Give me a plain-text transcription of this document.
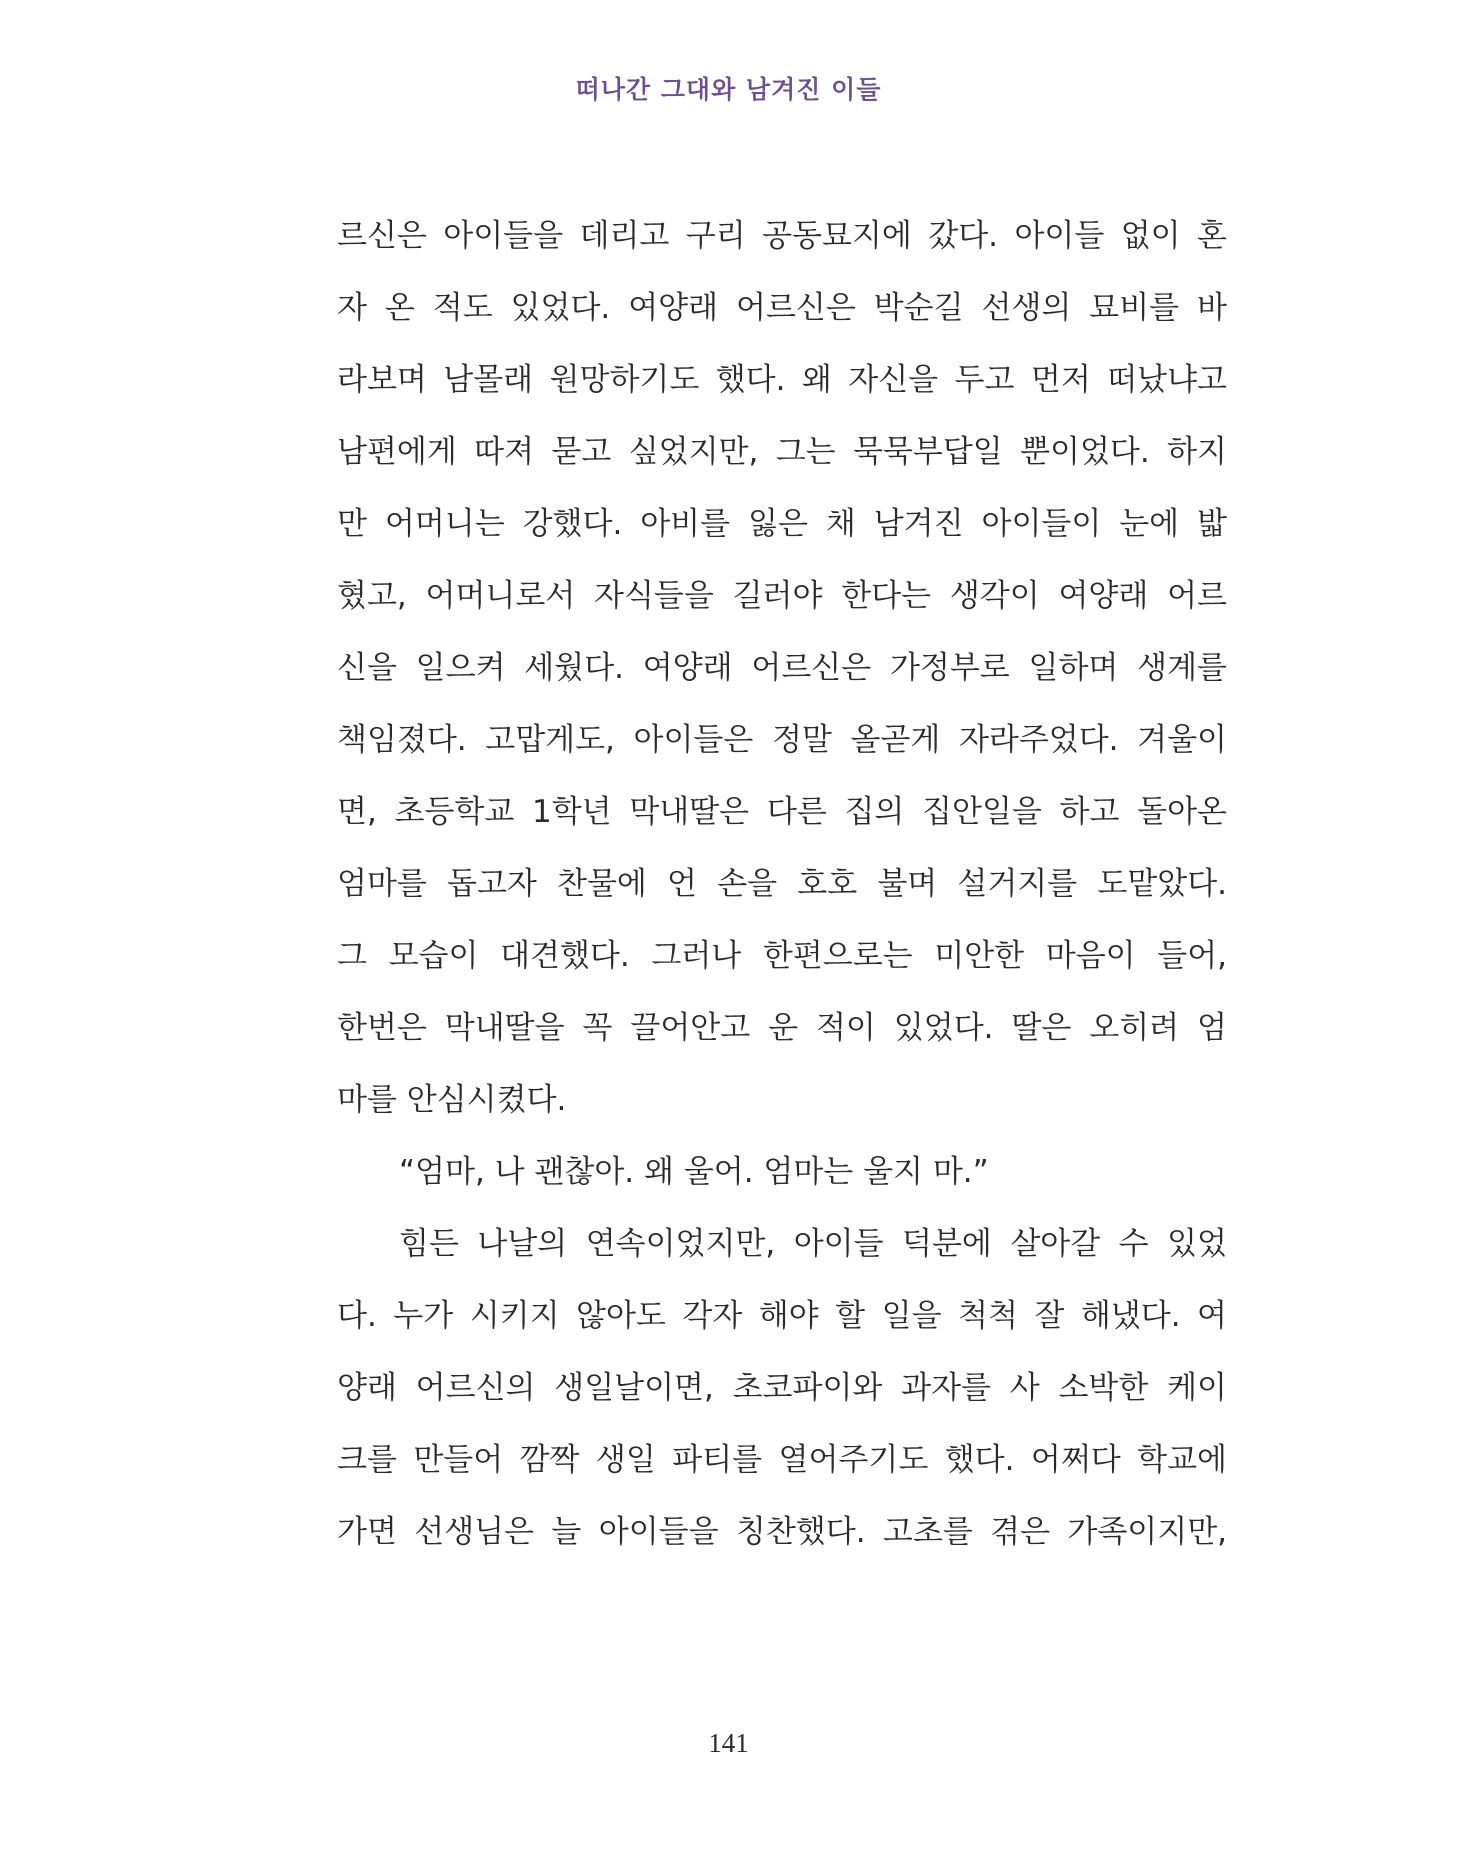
떠나간 그대와 남겨진 이들
르신은 아이들을 데리고 구리 공동묘지에 갔다. 아이들 없이 혼
자 온 적도 있었다. 여양래 어르신은 박순길 선생의 묘비를 바
라보며 남몰래 원망하기도 했다. 왜 자신을 두고 먼저 떠났냐고
남편에게 따져 묻고 싶었지만, 그는 묵묵부답일 뿐이었다. 하지
만 어머니는 강했다. 아비를 잃은 채 남겨진 아이들이 눈에 밟
혔고, 어머니로서 자식들을 길러야 한다는 생각이 여양래 어르
신을 일으켜 세웠다. 여양래 어르신은 가정부로 일하며 생계를
책임졌다. 고맙게도, 아이들은 정말 올곧게 자라주었다. 겨울이
면, 초등학교 1학년 막내딸은 다른 집의 집안일을 하고 돌아온
엄마를 돕고자 찬물에 언 손을 호호 불며 설거지를 도맡았다.
그 모습이 대견했다. 그러나 한편으로는 미안한 마음이 들어,
한번은 막내딸을 꼭 끌어안고 운 적이 있었다. 딸은 오히려 엄
마를 안심시켰다.
“엄마, 나 괜찮아. 왜 울어. 엄마는 울지 마.”
힘든 나날의 연속이었지만, 아이들 덕분에 살아갈 수 있었
다. 누가 시키지 않아도 각자 해야 할 일을 척척 잘 해냈다. 여
양래 어르신의 생일날이면, 초코파이와 과자를 사 소박한 케이
크를 만들어 깜짝 생일 파티를 열어주기도 했다. 어쩌다 학교에
가면 선생님은 늘 아이들을 칭찬했다. 고초를 겪은 가족이지만,
141
